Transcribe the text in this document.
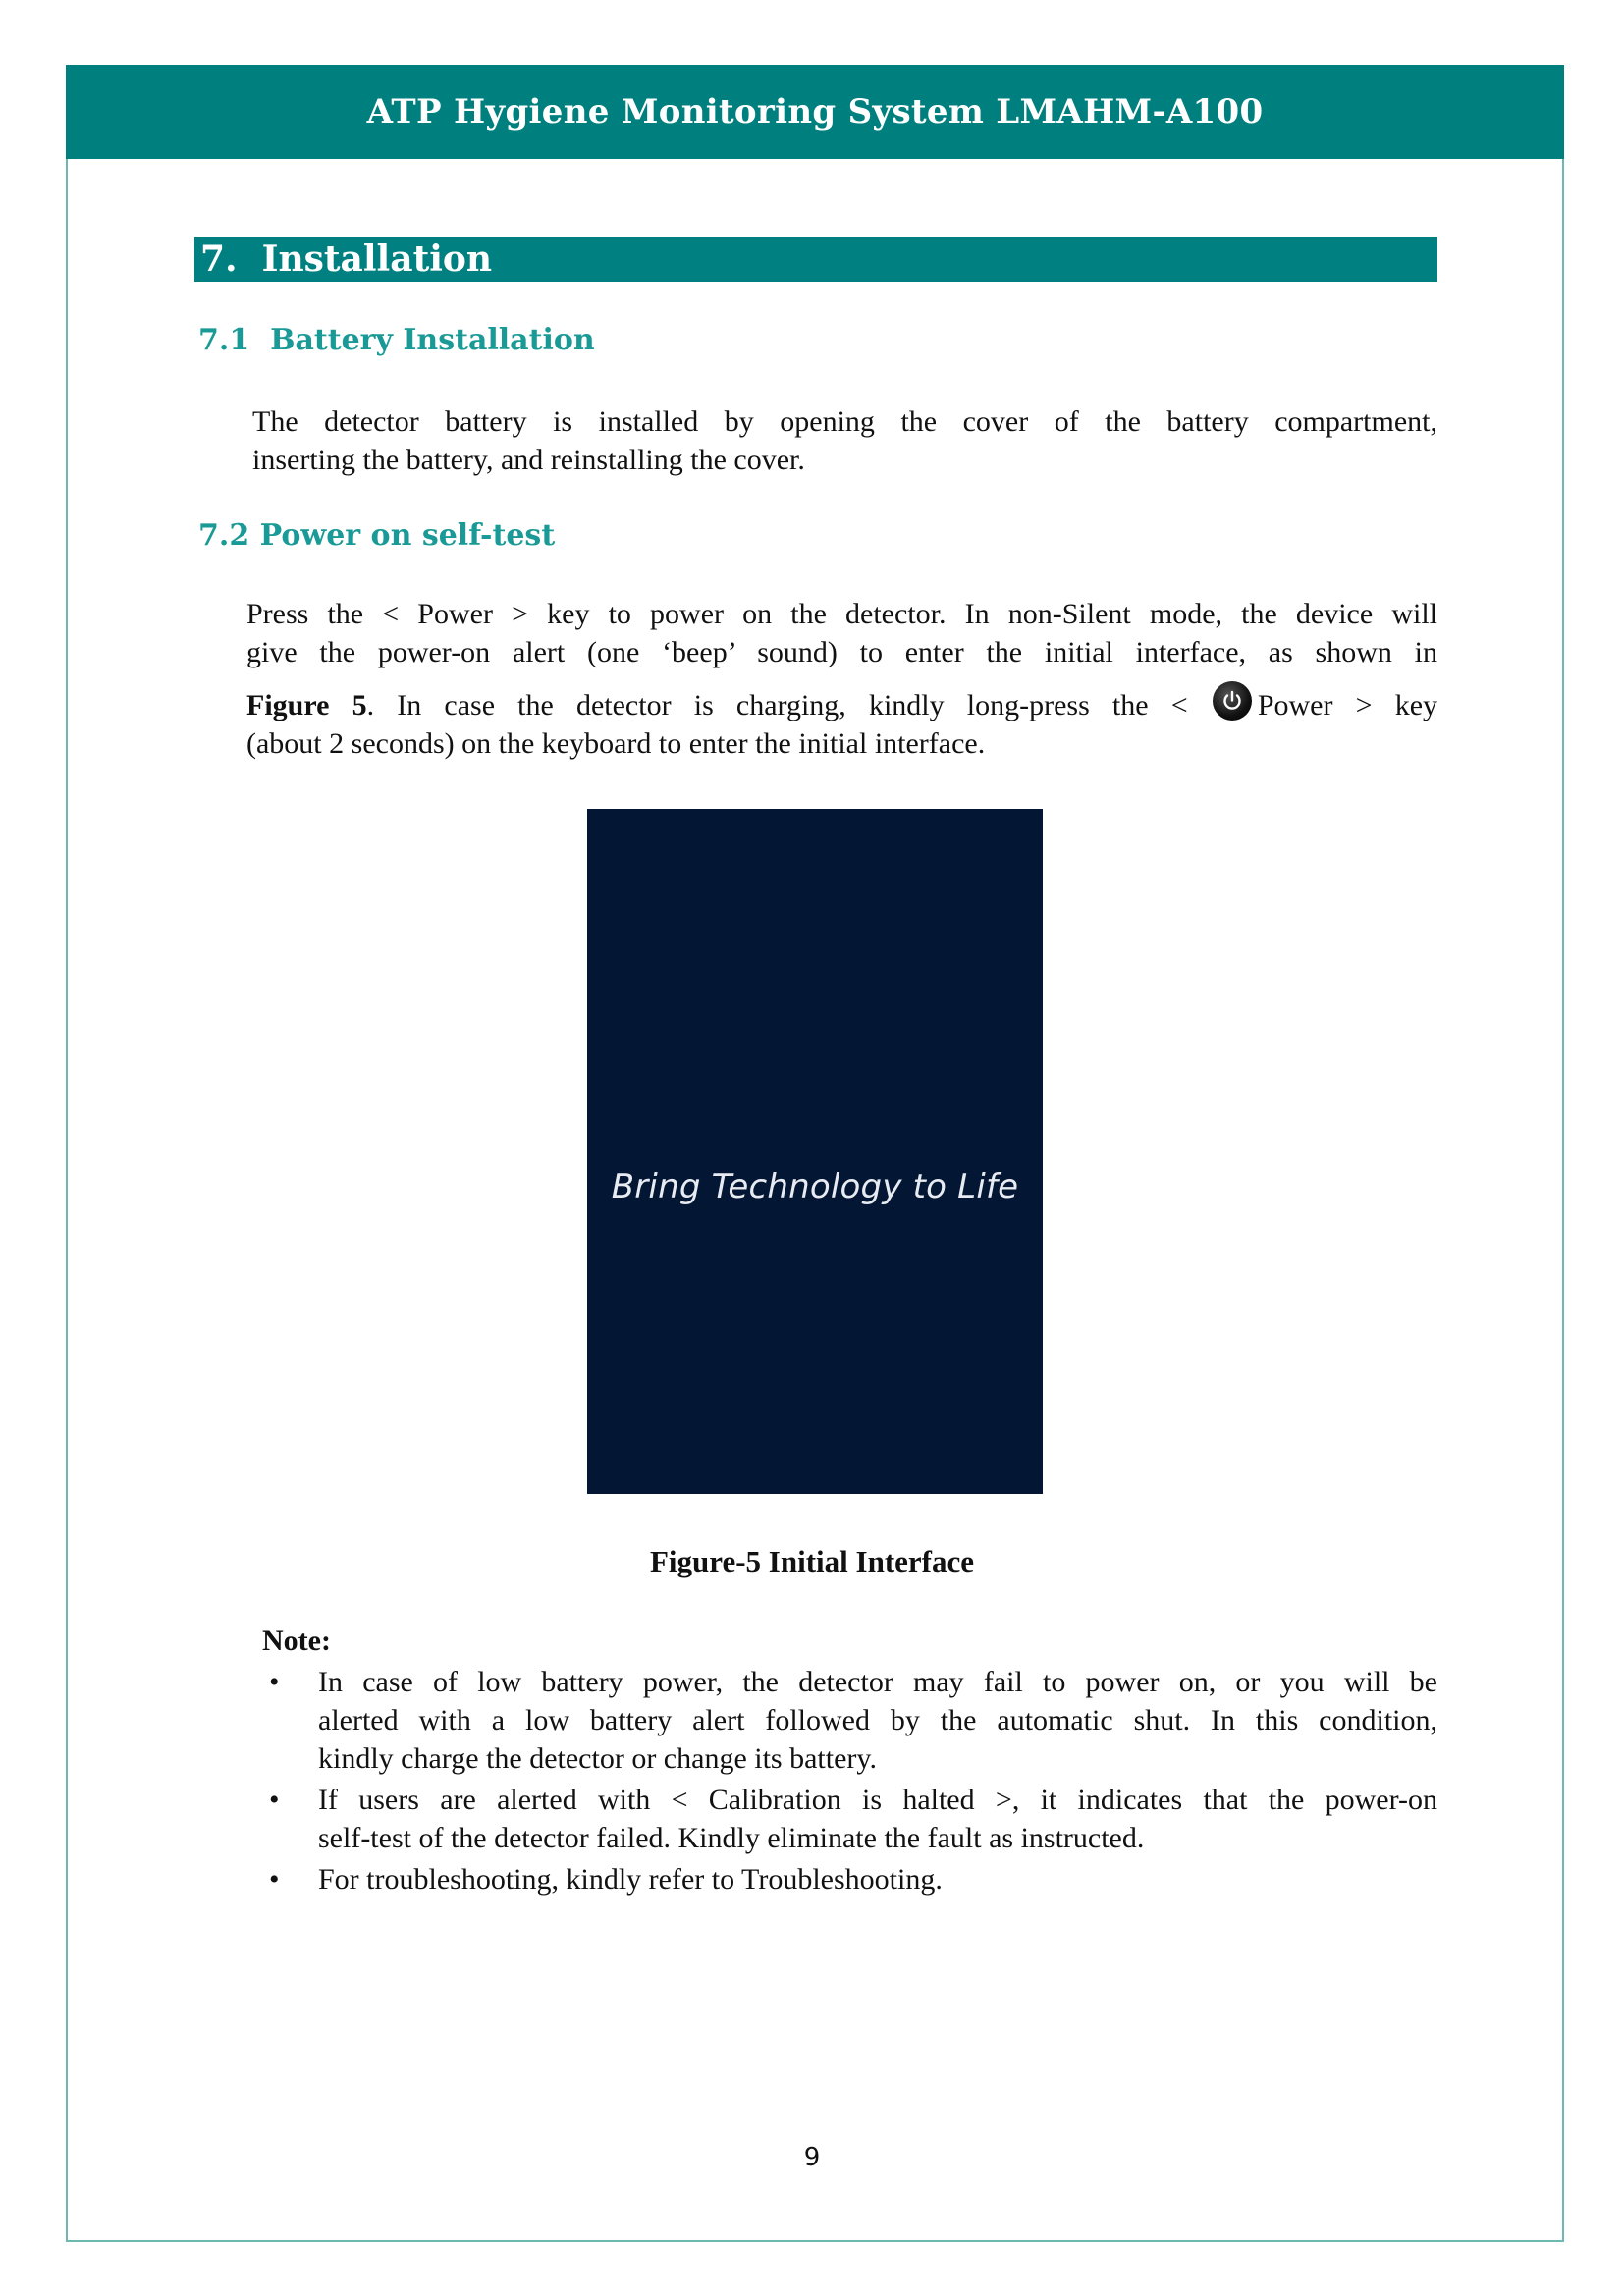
ATP Hygiene Monitoring System LMAHM-A100
7.  Installation
7.1  Battery Installation
The detector battery is installed by opening the cover of the battery compartment,
inserting the battery, and reinstalling the cover.
7.2 Power on self-test
Press the < Power > key to power on the detector. In non-Silent mode, the device will
give the power-on alert (one ‘beep’ sound) to enter the initial interface, as shown in
Figure 5. In case the detector is charging, kindly long-press the < Power > key
(about 2 seconds) on the keyboard to enter the initial interface.
Bring Technology to Life
Figure-5 Initial Interface
Note:
• In case of low battery power, the detector may fail to power on, or you will be
alerted with a low battery alert followed by the automatic shut. In this condition,
kindly charge the detector or change its battery.
• If users are alerted with < Calibration is halted >, it indicates that the power-on
self-test of the detector failed. Kindly eliminate the fault as instructed.
• For troubleshooting, kindly refer to Troubleshooting.
9
